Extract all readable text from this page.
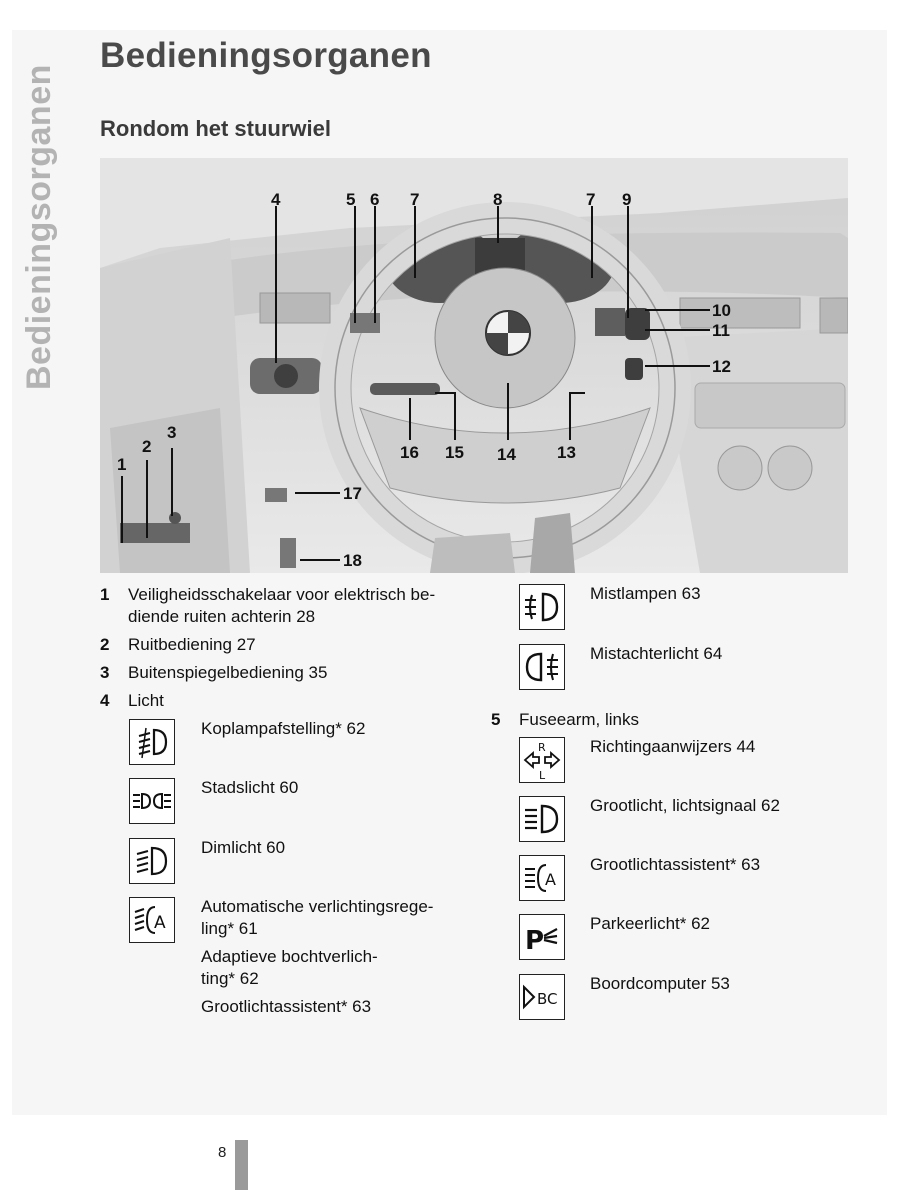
Bedieningsorganen
Bedieningsorganen
Rondom het stuurwiel
4	5 6 7	8	7 9
10
11
12
13
14
15
16
17
18
1
2
3
1 Veiligheidsschakelaar voor elektrisch be-
diende ruiten achterin 28
2 Ruitbediening 27
3 Buitenspiegelbediening 35
4 Licht
Koplampafstelling* 62
Stadslicht 60
Dimlicht 60
A
Automatische verlichtingsrege-
ling* 61
Adaptieve bochtverlich-
ting* 62
Grootlichtassistent* 63
Mistlampen 63
Mistachterlicht 64
5 Fuseearm, links
R
L
Richtingaanwijzers 44
Grootlicht, lichtsignaal 62
A
Grootlichtassistent* 63
P
Parkeerlicht* 62
BC
Boordcomputer 53
8
